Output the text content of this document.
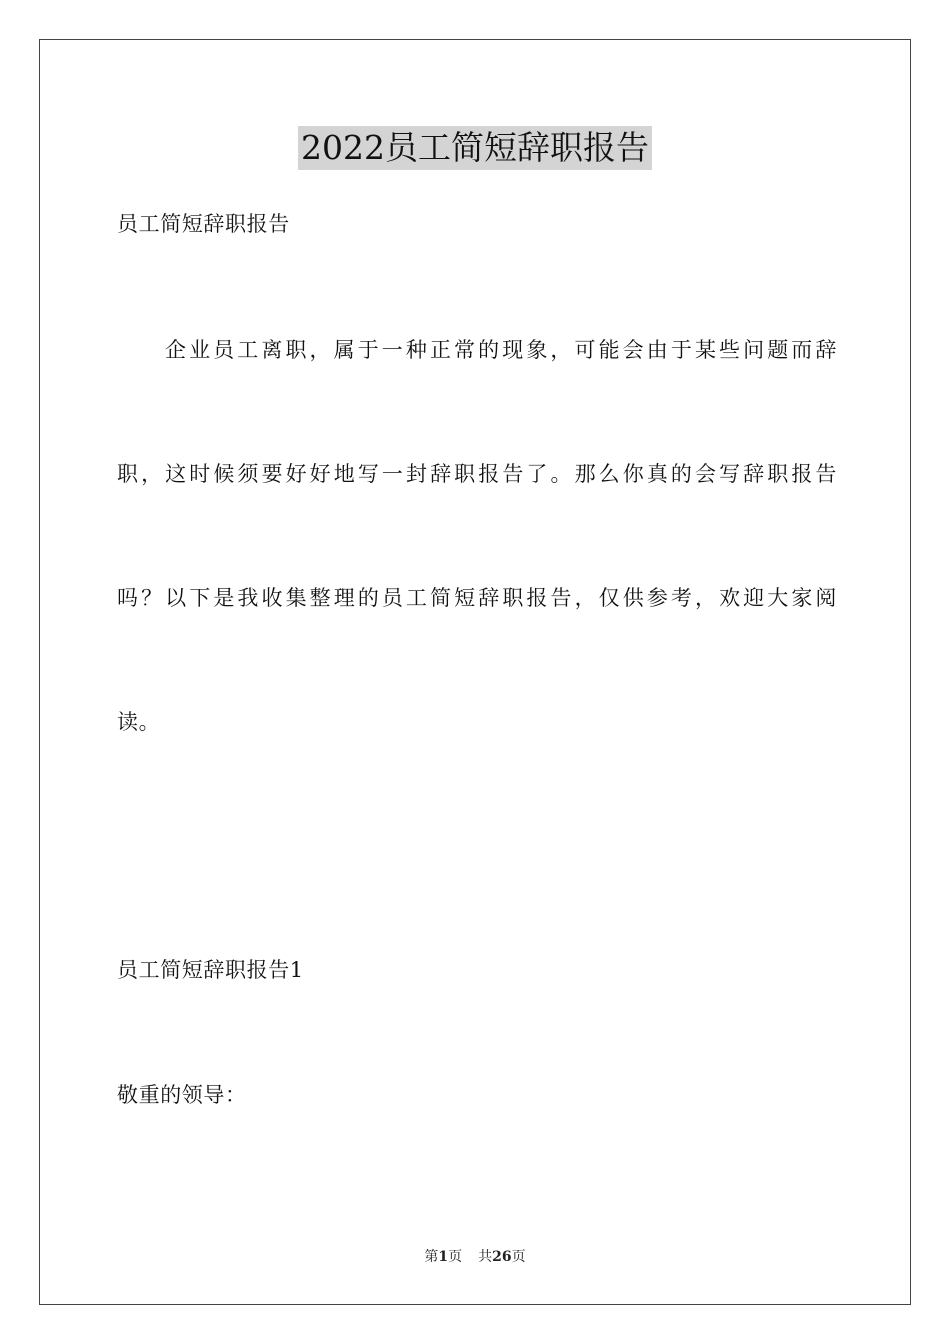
2022员工简短辞职报告
员工简短辞职报告
企业员工离职，属于一种正常的现象，可能会由于某些问题而辞
职，这时候须要好好地写一封辞职报告了。那么你真的会写辞职报告
吗？以下是我收集整理的员工简短辞职报告，仅供参考，欢迎大家阅
读。
员工简短辞职报告1
敬重的领导：
第1页 共26页
